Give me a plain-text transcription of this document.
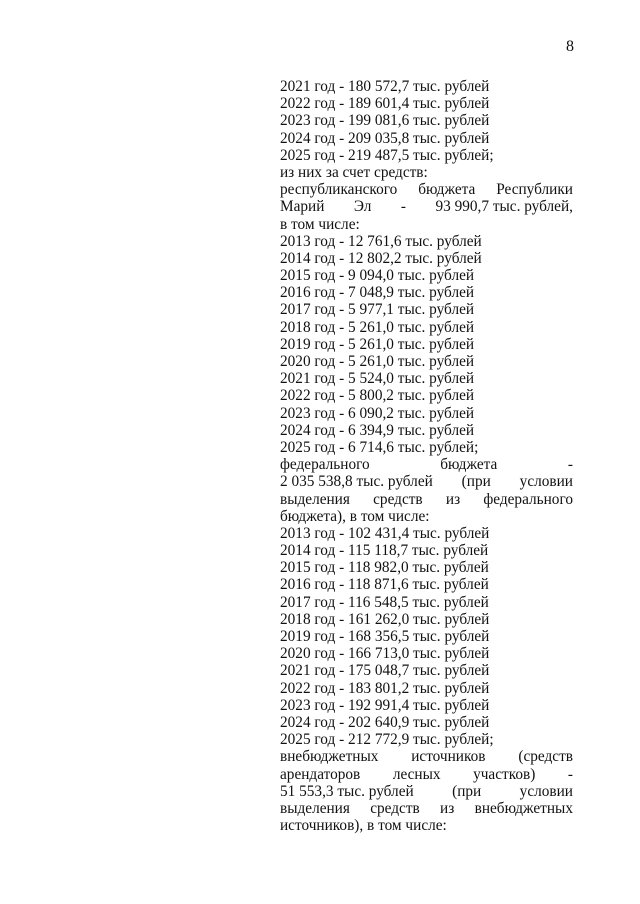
8
2021 год - 180 572,7 тыс. рублей
2022 год - 189 601,4 тыс. рублей
2023 год - 199 081,6 тыс. рублей
2024 год - 209 035,8 тыс. рублей
2025 год - 219 487,5 тыс. рублей;
из них за счет средств:
республиканского бюджета Республики
Марий Эл - 93 990,7 тыс. рублей,
в том числе:
2013 год - 12 761,6 тыс. рублей
2014 год - 12 802,2 тыс. рублей
2015 год - 9 094,0 тыс. рублей
2016 год - 7 048,9 тыс. рублей
2017 год - 5 977,1 тыс. рублей
2018 год - 5 261,0 тыс. рублей
2019 год - 5 261,0 тыс. рублей
2020 год - 5 261,0 тыс. рублей
2021 год - 5 524,0 тыс. рублей
2022 год - 5 800,2 тыс. рублей
2023 год - 6 090,2 тыс. рублей
2024 год - 6 394,9 тыс. рублей
2025 год - 6 714,6 тыс. рублей;
федерального	бюджета	-
2 035 538,8 тыс. рублей (при условии
выделения средств из федерального
бюджета), в том числе:
2013 год - 102 431,4 тыс. рублей
2014 год - 115 118,7 тыс. рублей
2015 год - 118 982,0 тыс. рублей
2016 год - 118 871,6 тыс. рублей
2017 год - 116 548,5 тыс. рублей
2018 год - 161 262,0 тыс. рублей
2019 год - 168 356,5 тыс. рублей
2020 год - 166 713,0 тыс. рублей
2021 год - 175 048,7 тыс. рублей
2022 год - 183 801,2 тыс. рублей
2023 год - 192 991,4 тыс. рублей
2024 год - 202 640,9 тыс. рублей
2025 год - 212 772,9 тыс. рублей;
внебюджетных источников (средств
арендаторов лесных участков) -
51 553,3 тыс. рублей	(при	условии
выделения средств из внебюджетных
источников), в том числе:
